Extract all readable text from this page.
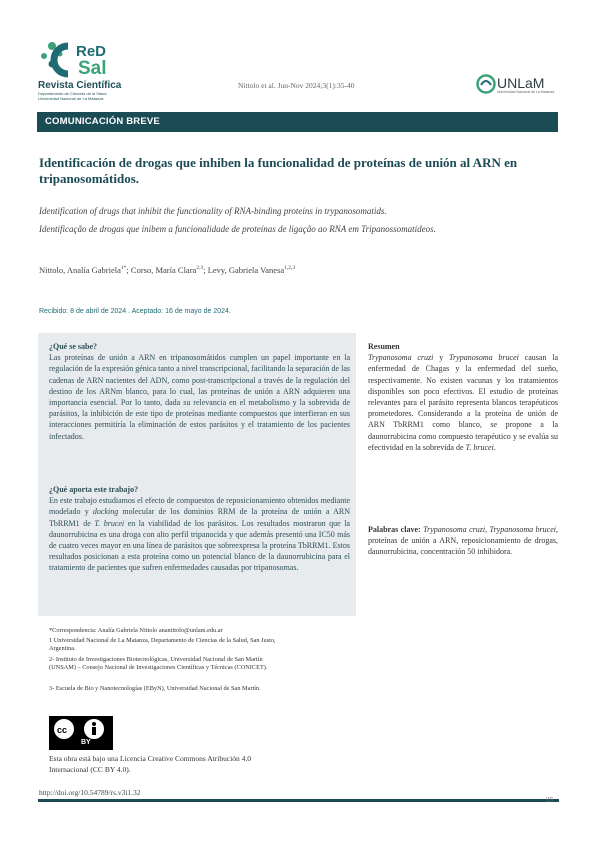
ReD
Sal
Revista Científica
Departamento de Ciencias de la Salud
Universidad Nacional de La Matanza
Nittolo et al. Jun-Nov 2024;3(1):35-40	UNLaM
Universidad Nacional de La Matanza
COMUNICACIÓN BREVE
Identificación de drogas que inhiben la funcionalidad de proteínas de unión al ARN en tripanosomátidos.
Identification of drugs that inhibit the functionality of RNA-binding proteins in trypanosomatids.
Identificação de drogas que inibem a funcionalidade de proteínas de ligação ao RNA em Tripanossomatídeos.
Nittolo, Analía Gabriela$^{1*}$; Corso, María Clara$^{2,3}$; Levy, Gabriela Vanesa$^{1,2,3}$
Recibido: 8 de abril de 2024 . Aceptado: 16 de mayo de 2024.
¿Qué se sabe?
Las proteínas de unión a ARN en tripanosomátidos cumplen un papel importante en la regulación de la expresión génica tanto a nivel transcripcional, facilitando la separación de las cadenas de ARN nacientes del ADN, como post-transcripcional a través de la regulación del destino de los ARNm blanco, para lo cual, las proteínas de unión a ARN adquieren una importancia esencial. Por lo tanto, dada su relevancia en el metabolismo y la sobrevida de parásitos, la inhibición de este tipo de proteínas mediante compuestos que interfieran en sus interacciones permitiría la eliminación de estos parásitos y el tratamiento de los pacientes infectados.
¿Qué aporta este trabajo?
En este trabajo estudiamos el efecto de compuestos de reposicionamiento obtenidos mediante modelado y docking molecular de los dominios RRM de la proteína de unión a ARN TbRRM1 de T. brucei en la viabilidad de los parásitos. Los resultados mostraron que la daunorrubicina es una droga con alto perfil tripanocida y que además presentó una IC50 más de cuatro veces mayor en una línea de parásitos que sobreexpresa la proteína TbRRM1. Estos resultados posicionan a esta proteína como un potencial blanco de la daunorrubicina para el tratamiento de pacientes que sufren enfermedades causadas por tripanosomas.
Resumen
Trypanosoma cruzi y Trypanosoma brucei causan la enfermedad de Chagas y la enfermedad del sueño, respectivamente. No existen vacunas y los tratamientos disponibles son poco efectivos. El estudio de proteínas relevantes para el parásito representa blancos terapéuticos prometedores. Considerando a la proteína de unión de ARN TbRRM1 como blanco, se propone a la daunorrubicina como compuesto terapéutico y se evalúa su efectividad en la sobrevida de T. brucei.
Palabras clave: Trypanosoma cruzi, Trypanosoma brucei, proteínas de unión a ARN, reposicionamiento de drogas, daunorrubicina, concentración 50 inhibidora.
*Correspondencia: Analía Gabriela Nittolo ananittolo@unlam.edu.ar
1 Universidad Nacional de La Matanza, Departamento de Ciencias de la Salud, San Justo, Argentina.
2- Instituto de Investigaciones Biotecnológicas, Universidad Nacional de San Martín (UNSAM) – Consejo Nacional de Investigaciones Científicas y Técnicas (CONICET).
3- Escuela de Bio y Nanotecnologías (EByN), Universidad Nacional de San Martín.
cc
BY
Esta obra está bajo una Licencia Creative Commons Atribución 4.0 Internacional (CC BY 4.0).
http://doi.org/10.54789/rs.v3i1.32
35
